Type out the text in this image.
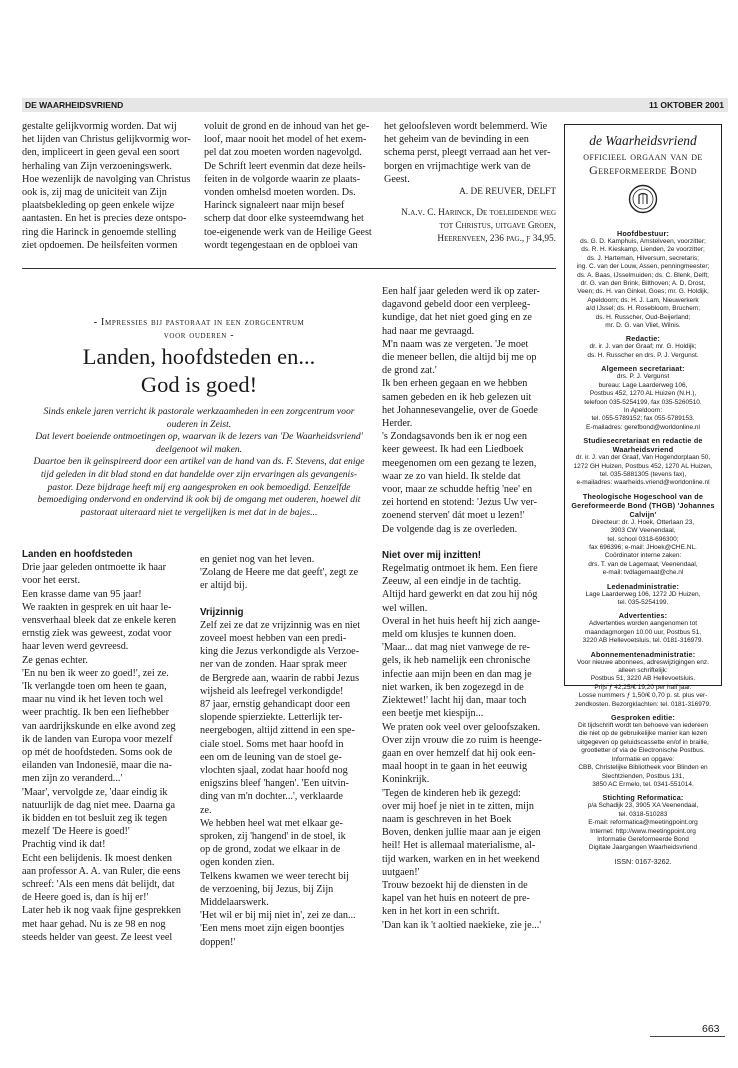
DE WAARHEIDSVRIEND	11 OKTOBER 2001
gestalte gelijkvormig worden. Dat wij
het lijden van Christus gelijkvormig wor-
den, impliceert in geen geval een soort
herhaling van Zijn verzoeningswerk.
Hoe wezenlijk de navolging van Christus
ook is, zij mag de uniciteit van Zijn
plaatsbekleding op geen enkele wijze
aantasten. En het is precies deze ontspo-
ring die Harinck in genoemde stelling
ziet opdoemen. De heilsfeiten vormen
voluit de grond en de inhoud van het ge-
loof, maar nooit het model of het exem-
pel dat zou moeten worden nagevolgd.
De Schrift leert evenmin dat deze heils-
feiten in de volgorde waarin ze plaats-
vonden omhelsd moeten worden. Ds.
Harinck signaleert naar mijn besef
scherp dat door elke systeemdwang het
toe-eigenende werk van de Heilige Geest
wordt tegengestaan en de opbloei van
het geloofsleven wordt belemmerd. Wie
het geheim van de bevinding in een
schema perst, pleegt verraad aan het ver-
borgen en vrijmachtige werk van de
Geest.

A. DE REUVER, DELFT

N.a.v. C. Harinck, De toeleidende weg
tot Christus, uitgave Groen,
Heerenveen, 236 pag., ƒ 34,95.
- Impressies bij pastoraat in een zorgcentrum
voor ouderen -
Landen, hoofdsteden en...
God is goed!

Sinds enkele jaren verricht ik pastorale werkzaamheden in een zorgcentrum voor
ouderen in Zeist.

Dat levert boeiende ontmoetingen op, waarvan ik de lezers van 'De Waarheidsvriend'
deelgenoot wil maken.

Daartoe ben ik geïnspireerd door een artikel van de hand van ds. F. Stevens, dat enige
tijd geleden in dit blad stond en dat handelde over zijn ervaringen als gevangenis-
pastor. Deze bijdrage heeft mij erg aangesproken en ook bemoedigd. Eenzelfde
bemoediging ondervond en ondervind ik ook bij de omgang met ouderen, hoewel dit
pastoraat uiteraard niet te vergelijken is met dat in de bajes...

Landen en hoofdsteden
Drie jaar geleden ontmoette ik haar
voor het eerst.
Een krasse dame van 95 jaar!
We raakten in gesprek en uit haar le-
vensverhaal bleek dat ze enkele keren
ernstig ziek was geweest, zodat voor
haar leven werd gevreesd.
Ze genas echter.
'En nu ben ik weer zo goed!', zei ze.
'Ik verlangde toen om heen te gaan,
maar nu vind ik het leven toch wel
weer prachtig. Ik ben een liefhebber
van aardrijkskunde en elke avond zeg
ik de landen van Europa voor mezelf
op mét de hoofdsteden. Soms ook de
eilanden van Indonesië, maar die na-
men zijn zo veranderd...'
'Maar', vervolgde ze, 'daar eindig ik
natuurlijk de dag niet mee. Daarna ga
ik bidden en tot besluit zeg ik tegen
mezelf 'De Heere is goed!'
Prachtig vind ik dat!
Echt een belijdenis. Ik moest denken
aan professor A. A. van Ruler, die eens
schreef: 'Als een mens dát belijdt, dat
de Heere goed is, dan ís hij er!'
Later heb ik nog vaak fijne gesprekken
met haar gehad. Nu is ze 98 en nog
steeds helder van geest. Ze leest veel
en geniet nog van het leven.
'Zolang de Heere me dat geeft', zegt ze
er altijd bij.
Vrijzinnig
Zelf zei ze dat ze vrijzinnig was en niet
zoveel moest hebben van een predi-
king die Jezus verkondigde als Verzoe-
ner van de zonden. Haar sprak meer
de Bergrede aan, waarin de rabbi Jezus
wijsheid als leefregel verkondigde!
87 jaar, ernstig gehandicapt door een
slopende spierziekte. Letterlijk ter-
neergebogen, altijd zittend in een spe-
ciale stoel. Soms met haar hoofd in
een om de leuning van de stoel ge-
vlochten sjaal, zodat haar hoofd nog
enigszins bleef 'hangen'. 'Een uitvin-
ding van m'n dochter...', verklaarde
ze.
We hebben heel wat met elkaar ge-
sproken, zij 'hangend' in de stoel, ik
op de grond, zodat we elkaar in de
ogen konden zien.
Telkens kwamen we weer terecht bij
de verzoening, bij Jezus, bij Zijn
Middelaarswerk.
'Het wil er bij mij niet in', zei ze dan...
'Een mens moet zijn eigen boontjes
doppen!'
Een half jaar geleden werd ik op zater-
dagavond gebeld door een verpleeg-
kundige, dat het niet goed ging en ze
had naar me gevraagd.
M'n naam was ze vergeten. 'Je moet
die meneer bellen, die altijd bij me op
de grond zat.'
Ik ben erheen gegaan en we hebben
samen gebeden en ik heb gelezen uit
het Johannesevangelie, over de Goede
Herder.
's Zondagsavonds ben ik er nog een
keer geweest. Ik had een Liedboek
meegenomen om een gezang te lezen,
waar ze zo van hield. Ik stelde dat
voor, maar ze schudde heftig 'nee' en
zei hortend en stotend: 'Jezus Uw ver-
zoenend sterven' dát moet u lezen!'
De volgende dag is ze overleden.
Niet over mij inzitten!
Regelmatig ontmoet ik hem. Een fiere
Zeeuw, al een eindje in de tachtig.
Altijd hard gewerkt en dat zou hij nóg
wel willen.
Overal in het huis heeft hij zich aange-
meld om klusjes te kunnen doen.
'Maar... dat mag niet vanwege de re-
gels, ik heb namelijk een chronische
infectie aan mijn been en dan mag je
niet warken, ik ben zogezegd in de
Ziektewet!' lacht hij dan, maar toch
een beetje met kiespijn...
We praten ook veel over geloofszaken.
Over zijn vrouw die zo ruim is heenge-
gaan en over hemzelf dat hij ook een-
maal hoopt in te gaan in het eeuwig
Koninkrijk.
'Tegen de kinderen heb ik gezegd:
over mij hoef je niet in te zitten, mijn
naam is geschreven in het Boek
Boven, denken jullie maar aan je eigen
heil! Het is allemaal materialisme, al-
tijd warken, warken en in het weekend
uutgaen!'
Trouw bezoekt hij de diensten in de
kapel van het huis en noteert de pre-
ken in het kort in een schrift.
'Dan kan ik 't aoltied naekieke, zie je...'
de Waarheidsvriend
officieel orgaan van de
Gereformeerde Bond
Hoofdbestuur:
ds. G. D. Kamphuis, Amstelveen, voorzitter;
ds. R. H. Kieskamp, Lienden, 2e voorzitter;
ds. J. Harteman, Hilversum, secretaris;
ing. C. van der Louw, Assen, penningmeester;
ds. A. Baas, IJsselmuiden; ds. C. Blenk, Delft;
dr. G. van den Brink, Bilthoven; A. D. Drost,
Veen; ds. H. van Ginkel, Goes; mr. G. Holdijk,
Apeldoorn; ds. H. J. Lam, Nieuwerkerk
a/d IJssel; ds. H. Rosebloom, Bruchem;
ds. H. Russcher, Oud-Beijerland;
mr. D. G. van Vliet, Wilnis.
Redactie:
dr. ir. J. van der Graaf; mr. G. Holdijk;
ds. H. Russcher en drs. P. J. Vergunst.
Algemeen secretariaat:
drs. P. J. Vergunst
bureau: Lage Laarderweg 106,
Postbus 452, 1270 AL Huizen (N.H.),
telefoon 035-5254199, fax 035-5260510.
In Apeldoorn:
tel. 055-5789152; fax 055-5789153.
E-mailadres: gerefbond@worldonline.nl
Studiesecretariaat en redactie de Waarheidsvriend
dr. ir. J. van der Graaf, Van Hogendorplaan 50,
1272 GH Huizen, Postbus 452, 1270 AL Huizen,
tel. 035-5881305 (tevens fax),
e-mailadres: waarheids.vriend@worldonline.nl
Theologische Hogeschool van de Gereformeerde Bond (THGB) 'Johannes Calvijn'
Directeur: dr. J. Hoek, Otterlaan 23,
3903 CW Veenendaal,
tel. school 0318-696300;
fax 696396; e-mail: JHoek@CHE.NL.
Coördinator interne zaken:
drs. T. van de Lagemaat, Veenendaal,
e-mail: tvdlagemaat@che.nl
Ledenadministratie:
Lage Laarderweg 106, 1272 JD Huizen,
tel. 035-5254199.
Advertenties:
Advertenties worden aangenomen tot
maandagmorgen 10.00 uur, Postbus 51,
3220 AB Hellevoetsluis, tel. 0181-316979.
Abonnementenadministratie:
Voor nieuwe abonnees, adreswijzigingen enz.
alleen schriftelijk:
Postbus 51, 3220 AB Hellevoetsluis.
Prijs ƒ 42,25/€ 19,20 per half jaar.
Losse nummers ƒ 1,50/€ 0,70 p. st. plus ver-
zendkosten. Bezorgklachten: tel. 0181-316979.
Gesproken editie:
Dit tijdschrift wordt ten behoeve van iedereen
die niet op de gebruikelijke manier kan lezen
uitgegeven op geluidscassette en/of in braille,
grootletter of via de Electronische Postbus.
Informatie en opgave:
CBB, Christelijke Bibliotheek voor Blinden en
Slechtzienden, Postbus 131,
3850 AC Ermelo, tel. 0341-551014.
Stichting Reformatica:
p/a Schadijk 23, 3905 XA Veenendaal,
tel. 0318-510283
E-mail: reformatica@meetingpoint.org
Internet: http://www.meetingpoint.org
Informatie Gereformeerde Bond
Digitale Jaargangen Waarheidsvriend
ISSN: 0167-3262.
663
